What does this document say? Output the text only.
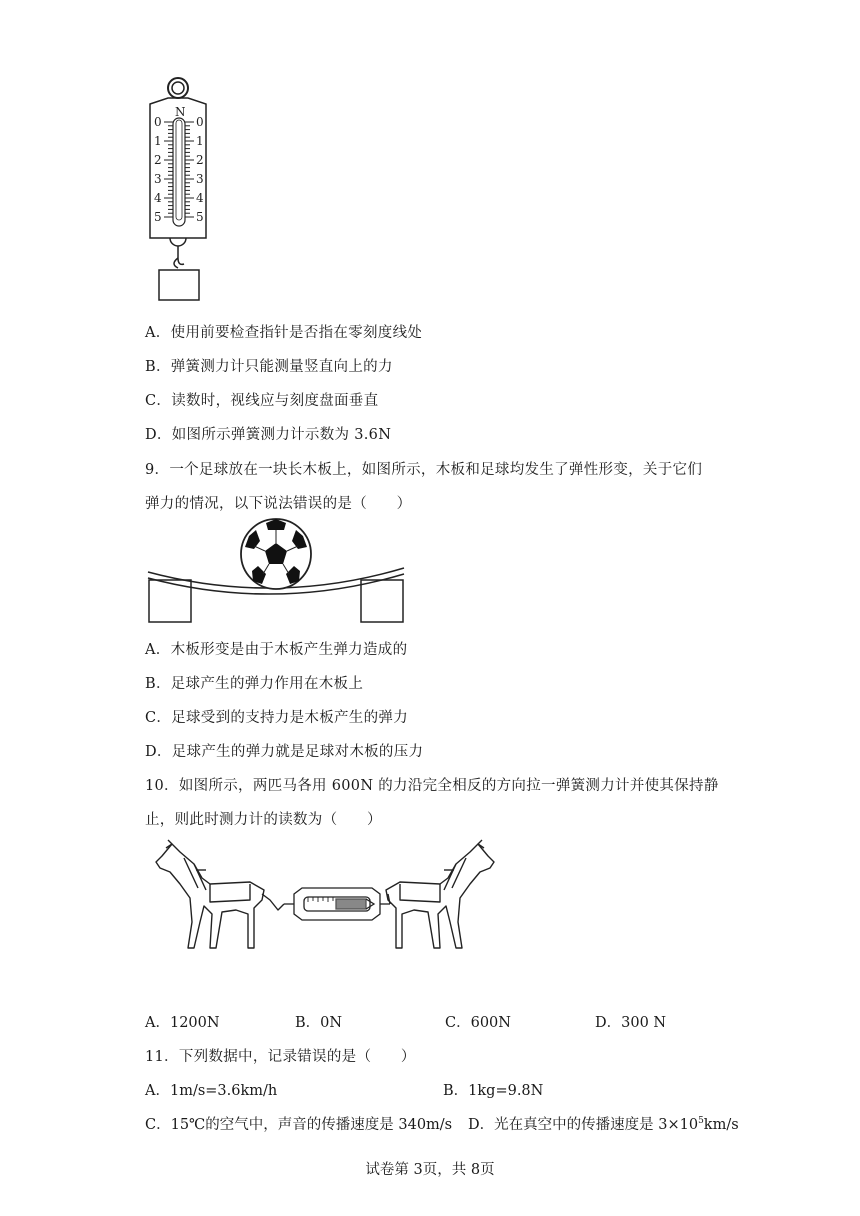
N
0
1
2
3
4
5
0
1
2
3
4
5
A．使用前要检查指针是否指在零刻度线处
B．弹簧测力计只能测量竖直向上的力
C．读数时，视线应与刻度盘面垂直
D．如图所示弹簧测力计示数为 3.6N
9．一个足球放在一块长木板上，如图所示，木板和足球均发生了弹性形变，关于它们
弹力的情况，以下说法错误的是（　　）
A．木板形变是由于木板产生弹力造成的
B．足球产生的弹力作用在木板上
C．足球受到的支持力是木板产生的弹力
D．足球产生的弹力就是足球对木板的压力
10．如图所示，两匹马各用 600N 的力沿完全相反的方向拉一弹簧测力计并使其保持静
止，则此时测力计的读数为（　　）
A．1200N	B．0N	C．600N	D．300 N
11．下列数据中，记录错误的是（　　）
A．1m/s=3.6km/h	B．1kg=9.8N
C．15℃的空气中，声音的传播速度是 340m/s D．光在真空中的传播速度是 $3\times 10^5km/s$
试卷第 3页，共 8页
